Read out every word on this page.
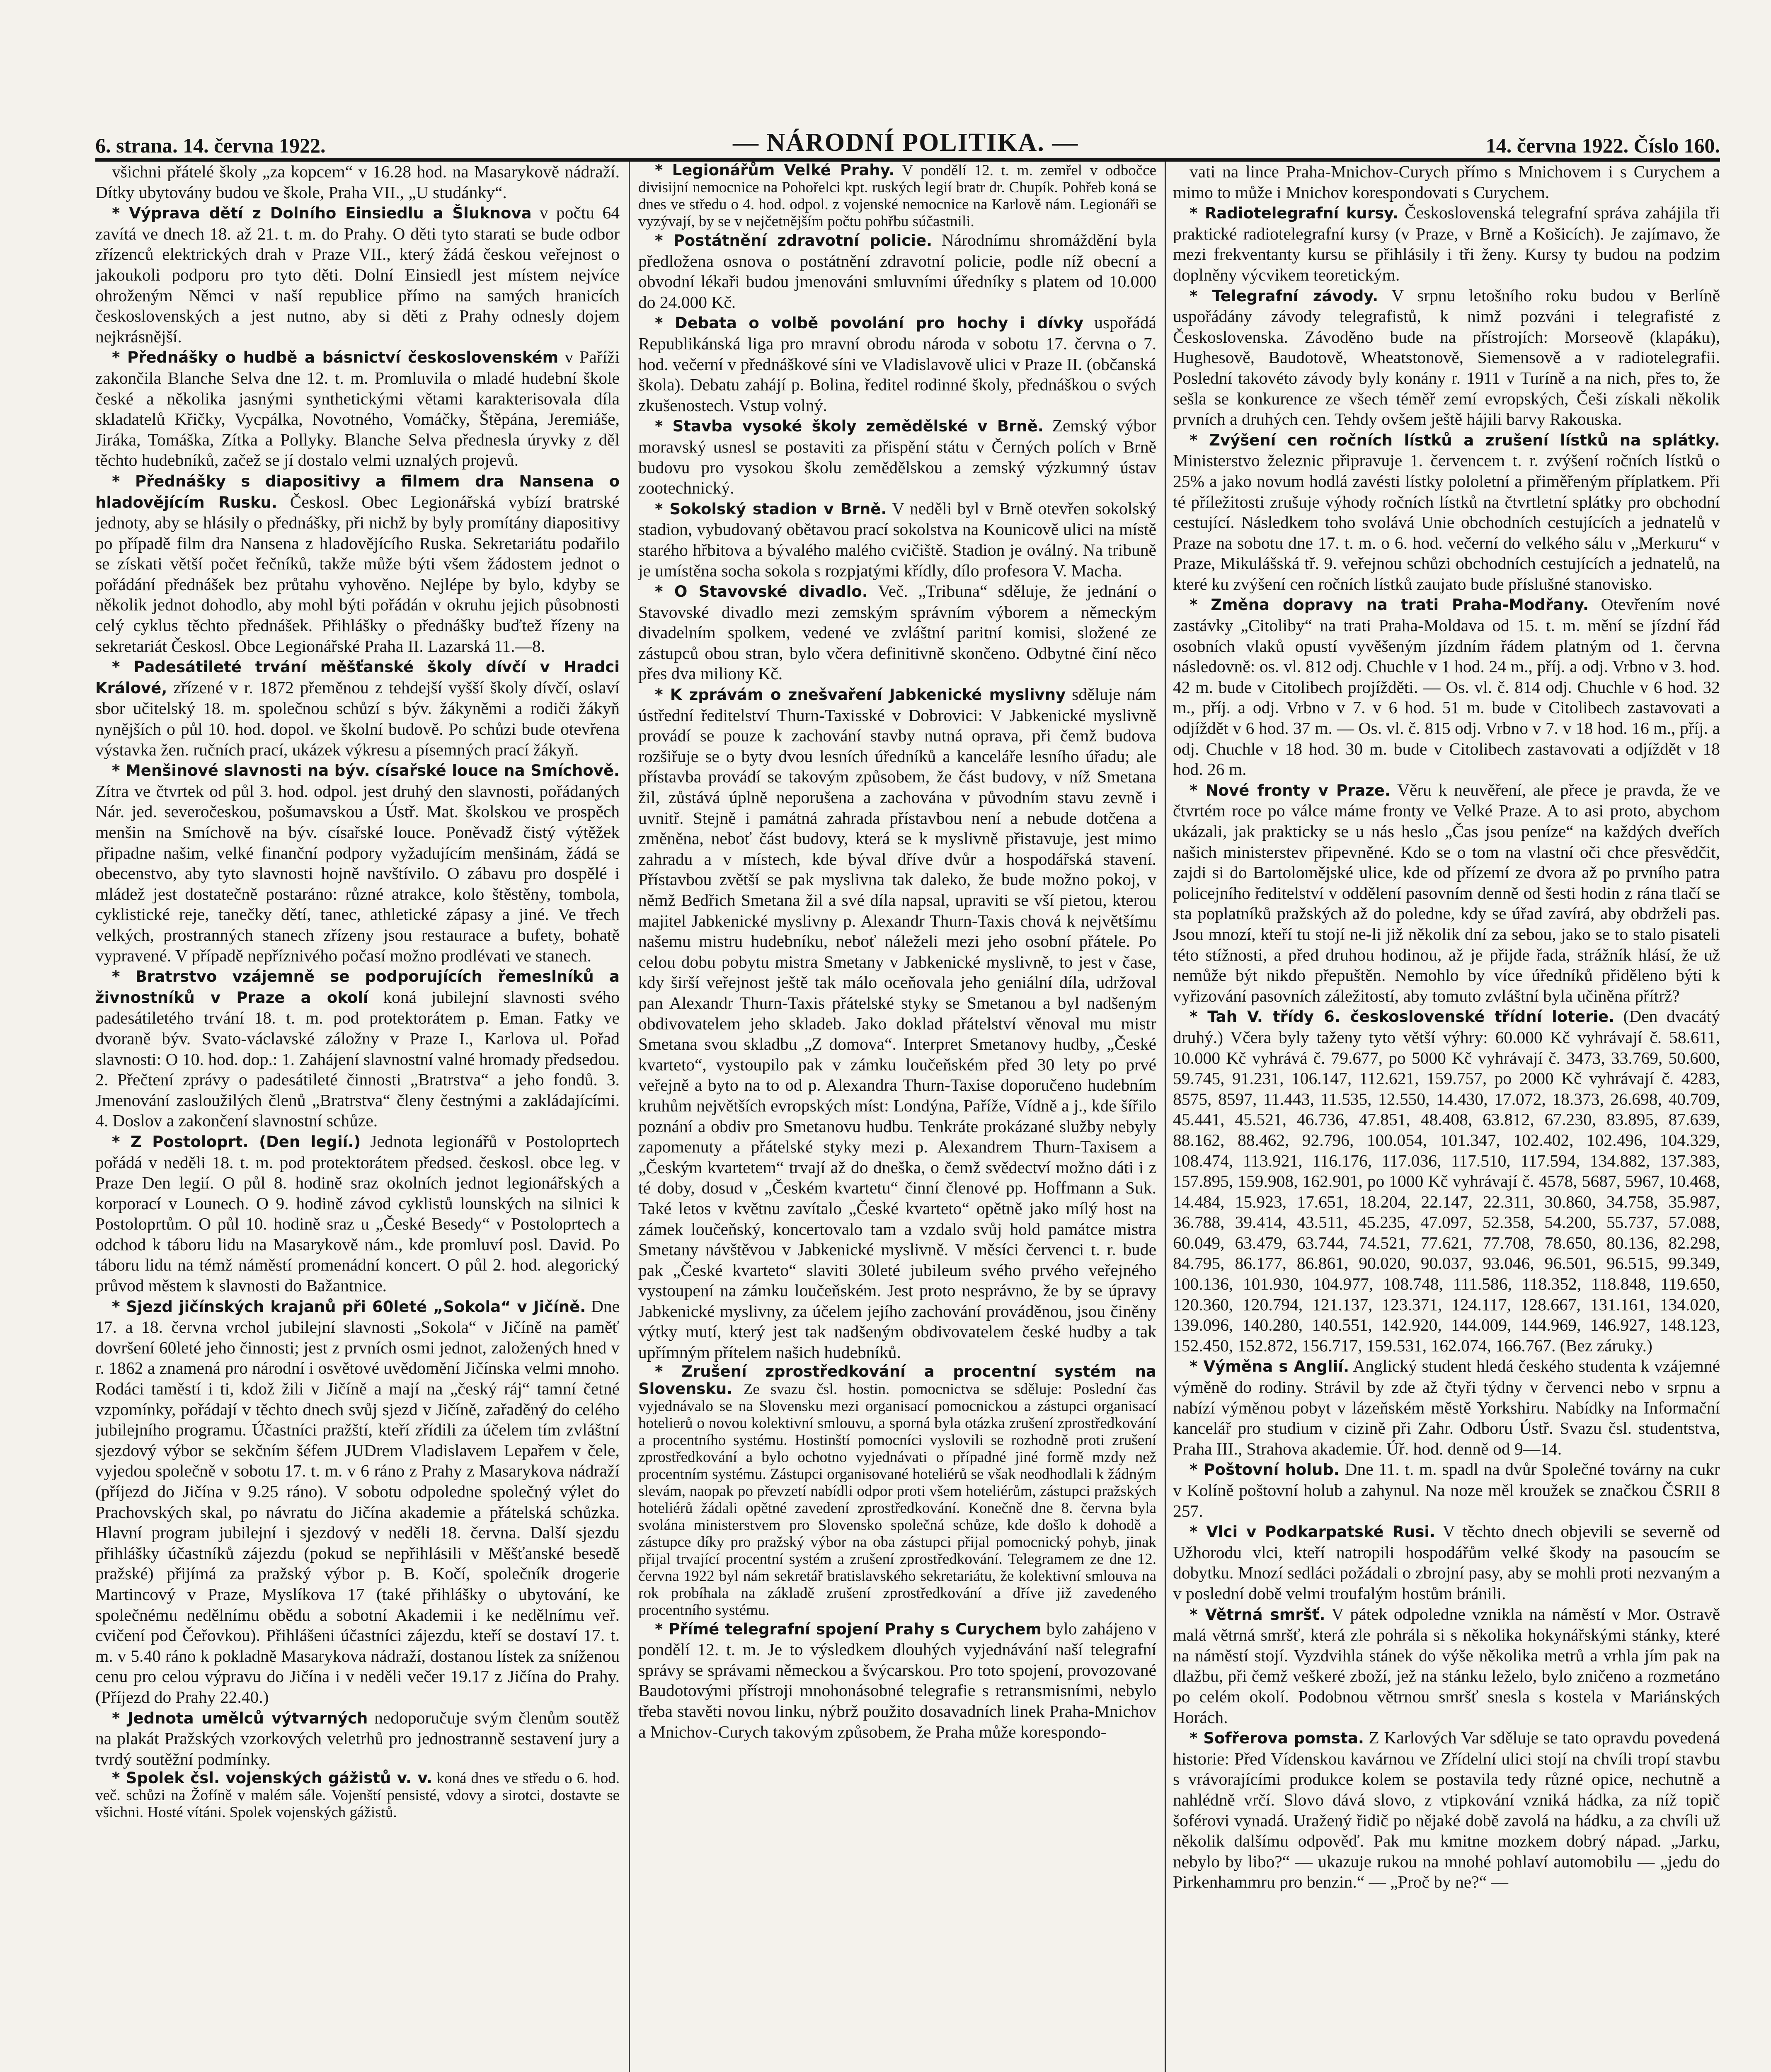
6. strana. 14. června 1922.	— NÁRODNÍ POLITIKA. —	14. června 1922. Číslo 160.

všichni přátelé školy „za kopcem“ v 16.28 hod. na Masarykově nádraží. Dítky ubytovány budou ve škole, Praha VII., „U studánky“.

* Výprava dětí z Dolního Einsiedlu a Šluknova v počtu 64 zavítá ve dnech 18. až 21. t. m. do Prahy. O děti tyto starati se bude odbor zřízenců elektrických drah v Praze VII., který žádá českou veřejnost o jakoukoli podporu pro tyto děti. Dolní Einsiedl jest místem nejvíce ohroženým Němci v naší republice přímo na samých hranicích československých a jest nutno, aby si děti z Prahy odnesly dojem nejkrásnější.

* Přednášky o hudbě a básnictví československém v Paříži zakončila Blanche Selva dne 12. t. m. Promluvila o mladé hudební škole české a několika jasnými synthetickými větami karakterisovala díla skladatelů Křičky, Vycpálka, Novotného, Vomáčky, Štěpána, Jeremiáše, Jiráka, Tomáška, Zítka a Pollyky. Blanche Selva přednesla úryvky z děl těchto hudebníků, začež se jí dostalo velmi uznalých projevů.

* Přednášky s diapositivy a filmem dra Nansena o hladovějícím Rusku. Českosl. Obec Legionářská vybízí bratrské jednoty, aby se hlásily o přednášky, při nichž by byly promítány diapositivy po případě film dra Nansena z hladovějícího Ruska. Sekretariátu podařilo se získati větší počet řečníků, takže může býti všem žádostem jednot o pořádání přednášek bez průtahu vyhověno. Nejlépe by bylo, kdyby se několik jednot dohodlo, aby mohl býti pořádán v okruhu jejich působnosti celý cyklus těchto přednášek. Přihlášky o přednášky buďtež řízeny na sekretariát Českosl. Obce Legionářské Praha II. Lazarská 11.—8.

* Padesátileté trvání měšťanské školy dívčí v Hradci Králové, zřízené v r. 1872 přeměnou z tehdejší vyšší školy dívčí, oslaví sbor učitelský 18. m. společnou schůzí s býv. žákyněmi a rodiči žákyň nynějších o půl 10. hod. dopol. ve školní budově. Po schůzi bude otevřena výstavka žen. ručních prací, ukázek výkresu a písemných prací žákyň.

* Menšinové slavnosti na býv. císařské louce na Smíchově. Zítra ve čtvrtek od půl 3. hod. odpol. jest druhý den slavnosti, pořádaných Nár. jed. severočeskou, pošumavskou a Ústř. Mat. školskou ve prospěch menšin na Smíchově na býv. císařské louce. Poněvadž čistý výtěžek připadne našim, velké finanční podpory vyžadujícím menšinám, žádá se obecenstvo, aby tyto slavnosti hojně navštívilo. O zábavu pro dospělé i mládež jest dostatečně postaráno: různé atrakce, kolo štěstěny, tombola, cyklistické reje, tanečky dětí, tanec, athletické zápasy a jiné. Ve třech velkých, prostranných stanech zřízeny jsou restaurace a bufety, bohatě vypravené. V případě nepříznivého počasí možno prodlévati ve stanech.

* Bratrstvo vzájemně se podporujících řemeslníků a živnostníků v Praze a okolí koná jubilejní slavnosti svého padesátiletého trvání 18. t. m. pod protektorátem p. Eman. Fatky ve dvoraně býv. Svato-václavské záložny v Praze I., Karlova ul. Pořad slavnosti: O 10. hod. dop.: 1. Zahájení slavnostní valné hromady předsedou. 2. Přečtení zprávy o padesátileté činnosti „Bratrstva“ a jeho fondů. 3. Jmenování zasloužilých členů „Bratrstva“ členy čestnými a zakládajícími. 4. Doslov a zakončení slavnostní schůze.

* Z Postoloprt. (Den legií.) Jednota legionářů v Postoloprtech pořádá v neděli 18. t. m. pod protektorátem předsed. českosl. obce leg. v Praze Den legií. O půl 8. hodině sraz okolních jednot legionářských a korporací v Lounech. O 9. hodině závod cyklistů lounských na silnici k Postoloprtům. O půl 10. hodině sraz u „České Besedy“ v Postoloprtech a odchod k táboru lidu na Masarykově nám., kde promluví posl. David. Po táboru lidu na témž náměstí promenádní koncert. O půl 2. hod. alegorický průvod městem k slavnosti do Bažantnice.

* Sjezd jičínských krajanů při 60leté „Sokola“ v Jičíně. Dne 17. a 18. června vrchol jubilejní slavnosti „Sokola“ v Jičíně na paměť dovršení 60leté jeho činnosti; jest z prvních osmi jednot, založených hned v r. 1862 a znamená pro národní i osvětové uvědomění Jičínska velmi mnoho. Rodáci taměstí i ti, kdož žili v Jičíně a mají na „český ráj“ tamní četné vzpomínky, pořádají v těchto dnech svůj sjezd v Jičíně, zařaděný do celého jubilejního programu. Účastníci pražští, kteří zřídili za účelem tím zvláštní sjezdový výbor se sekčním šéfem JUDrem Vladislavem Lepařem v čele, vyjedou společně v sobotu 17. t. m. v 6 ráno z Prahy z Masarykova nádraží (příjezd do Jičína v 9.25 ráno). V sobotu odpoledne společný výlet do Prachovských skal, po návratu do Jičína akademie a přátelská schůzka. Hlavní program jubilejní i sjezdový v neděli 18. června. Další sjezdu přihlášky účastníků zájezdu (pokud se nepřihlásili v Měšťanské besedě pražské) přijímá za pražský výbor p. B. Kočí, společník drogerie Martincový v Praze, Myslíkova 17 (také přihlášky o ubytování, ke společnému nedělnímu obědu a sobotní Akademii i ke nedělnímu veř. cvičení pod Čeřovkou). Přihlášeni účastníci zájezdu, kteří se dostaví 17. t. m. v 5.40 ráno k pokladně Masarykova nádraží, dostanou lístek za sníženou cenu pro celou výpravu do Jičína i v neděli večer 19.17 z Jičína do Prahy. (Příjezd do Prahy 22.40.)

* Jednota umělců výtvarných nedoporučuje svým členům soutěž na plakát Pražských vzorkových veletrhů pro jednostranně sestavení jury a tvrdý soutěžní podmínky.

* Spolek čsl. vojenských gážistů v. v. koná dnes ve středu o 6. hod. več. schůzi na Žofíně v malém sále. Vojenští pensisté, vdovy a sirotci, dostavte se všichni. Hosté vítáni. Spolek vojenských gážistů.

* Legionářům Velké Prahy. V pondělí 12. t. m. zemřel v odbočce divisijní nemocnice na Pohořelci kpt. ruských legií bratr dr. Chupík. Pohřeb koná se dnes ve středu o 4. hod. odpol. z vojenské nemocnice na Karlově nám. Legionáři se vyzývají, by se v nejčetnějším počtu pohřbu súčastnili.

* Postátnění zdravotní policie. Národnímu shromáždění byla předložena osnova o postátnění zdravotní policie, podle níž obecní a obvodní lékaři budou jmenováni smluvními úředníky s platem od 10.000 do 24.000 Kč.

* Debata o volbě povolání pro hochy i dívky uspořádá Republikánská liga pro mravní obrodu národa v sobotu 17. června o 7. hod. večerní v přednáškové síni ve Vladislavově ulici v Praze II. (občanská škola). Debatu zahájí p. Bolina, ředitel rodinné školy, přednáškou o svých zkušenostech. Vstup volný.

* Stavba vysoké školy zemědělské v Brně. Zemský výbor moravský usnesl se postaviti za přispění státu v Černých polích v Brně budovu pro vysokou školu zemědělskou a zemský výzkumný ústav zootechnický.

* Sokolský stadion v Brně. V neděli byl v Brně otevřen sokolský stadion, vybudovaný obětavou prací sokolstva na Kounicově ulici na místě starého hřbitova a bývalého malého cvičiště. Stadion je oválný. Na tribuně je umístěna socha sokola s rozpjatými křídly, dílo profesora V. Macha.

* O Stavovské divadlo. Več. „Tribuna“ sděluje, že jednání o Stavovské divadlo mezi zemským správním výborem a německým divadelním spolkem, vedené ve zvláštní paritní komisi, složené ze zástupců obou stran, bylo včera definitivně skončeno. Odbytné činí něco přes dva miliony Kč.

* K zprávám o znešvaření Jabkenické myslivny sděluje nám ústřední ředitelství Thurn-Taxisské v Dobrovici: V Jabkenické myslivně provádí se pouze k zachování stavby nutná oprava, při čemž budova rozšiřuje se o byty dvou lesních úředníků a kanceláře lesního úřadu; ale přístavba provádí se takovým způsobem, že část budovy, v níž Smetana žil, zůstává úplně neporušena a zachována v původním stavu zevně i uvnitř. Stejně i památná zahrada přístavbou není a nebude dotčena a změněna, neboť část budovy, která se k myslivně přistavuje, jest mimo zahradu a v místech, kde býval dříve dvůr a hospodářská stavení. Přístavbou zvětší se pak myslivna tak daleko, že bude možno pokoj, v němž Bedřich Smetana žil a své díla napsal, upraviti se vší pietou, kterou majitel Jabkenické myslivny p. Alexandr Thurn-Taxis chová k největšímu našemu mistru hudebníku, neboť náleželi mezi jeho osobní přátele. Po celou dobu pobytu mistra Smetany v Jabkenické myslivně, to jest v čase, kdy širší veřejnost ještě tak málo oceňovala jeho geniální díla, udržoval pan Alexandr Thurn-Taxis přátelské styky se Smetanou a byl nadšeným obdivovatelem jeho skladeb. Jako doklad přátelství věnoval mu mistr Smetana svou skladbu „Z domova“. Interpret Smetanovy hudby, „České kvarteto“, vystoupilo pak v zámku loučeňském před 30 lety po prvé veřejně a byto na to od p. Alexandra Thurn-Taxise doporučeno hudebním kruhům největších evropských míst: Londýna, Paříže, Vídně a j., kde šířilo poznání a obdiv pro Smetanovu hudbu. Tenkráte prokázané služby nebyly zapomenuty a přátelské styky mezi p. Alexandrem Thurn-Taxisem a „Českým kvartetem“ trvají až do dneška, o čemž svědectví možno dáti i z té doby, dosud v „Českém kvartetu“ činní členové pp. Hoffmann a Suk. Také letos v květnu zavítalo „České kvarteto“ opětně jako mílý host na zámek loučeňský, koncertovalo tam a vzdalo svůj hold památce mistra Smetany návštěvou v Jabkenické myslivně. V měsíci červenci t. r. bude pak „České kvarteto“ slaviti 30leté jubileum svého prvého veřejného vystoupení na zámku loučeňském. Jest proto nesprávno, že by se úpravy Jabkenické myslivny, za účelem jejího zachování prováděnou, jsou činěny výtky mutí, který jest tak nadšeným obdivovatelem české hudby a tak upřímným přítelem našich hudebníků.

* Zrušení zprostředkování a procentní systém na Slovensku. Ze svazu čsl. hostin. pomocnictva se sděluje: Poslední čas vyjednávalo se na Slovensku mezi organisací pomocnickou a zástupci organisací hotelierů o novou kolektivní smlouvu, a sporná byla otázka zrušení zprostředkování a procentního systému. Hostinští pomocníci vyslovili se rozhodně proti zrušení zprostředkování a bylo ochotno vyjednávati o případné jiné formě mzdy než procentním systému. Zástupci organisované hoteliérů se však neodhodlali k žádným slevám, naopak po převzetí nabídli odpor proti všem hoteliérům, zástupci pražských hoteliérů žádali opětné zavedení zprostředkování. Konečně dne 8. června byla svolána ministerstvem pro Slovensko společná schůze, kde došlo k dohodě a zástupce díky pro pražský výbor na oba zástupci přijal pomocnický pohyb, jinak přijal trvající procentní systém a zrušení zprostředkování. Telegramem ze dne 12. června 1922 byl nám sekretář bratislavského sekretariátu, že kolektivní smlouva na rok probíhala na základě zrušení zprostředkování a dříve již zavedeného procentního systému.

* Přímé telegrafní spojení Prahy s Curychem bylo zahájeno v pondělí 12. t. m. Je to výsledkem dlouhých vyjednávání naší telegrafní správy se správami německou a švýcarskou. Pro toto spojení, provozované Baudotovými přístroji mnohonásobné telegrafie s retransmisními, nebylo třeba stavěti novou linku, nýbrž použito dosavadních linek Praha-Mnichov a Mnichov-Curych takovým způsobem, že Praha může korespondo-

vati na lince Praha-Mnichov-Curych přímo s Mnichovem i s Curychem a mimo to může i Mnichov korespondovati s Curychem.

* Radiotelegrafní kursy. Československá telegrafní správa zahájila tři praktické radiotelegrafní kursy (v Praze, v Brně a Košicích). Je zajímavo, že mezi frekventanty kursu se přihlásily i tři ženy. Kursy ty budou na podzim doplněny výcvikem teoretickým.

* Telegrafní závody. V srpnu letošního roku budou v Berlíně uspořádány závody telegrafistů, k nimž pozváni i telegrafisté z Československa. Závoděno bude na přístrojích: Morseově (klapáku), Hughesově, Baudotově, Wheatstonově, Siemensově a v radiotelegrafii. Poslední takovéto závody byly konány r. 1911 v Turíně a na nich, přes to, že sešla se konkurence ze všech téměř zemí evropských, Češi získali několik prvních a druhých cen. Tehdy ovšem ještě hájili barvy Rakouska.

* Zvýšení cen ročních lístků a zrušení lístků na splátky. Ministerstvo železnic připravuje 1. červencem t. r. zvýšení ročních lístků o 25% a jako novum hodlá zavésti lístky pololetní a přiměřeným příplatkem. Při té příležitosti zrušuje výhody ročních lístků na čtvrtletní splátky pro obchodní cestující. Následkem toho svolává Unie obchodních cestujících a jednatelů v Praze na sobotu dne 17. t. m. o 6. hod. večerní do velkého sálu v „Merkuru“ v Praze, Mikulášská tř. 9. veřejnou schůzi obchodních cestujících a jednatelů, na které ku zvýšení cen ročních lístků zaujato bude příslušné stanovisko.

* Změna dopravy na trati Praha-Modřany. Otevřením nové zastávky „Citoliby“ na trati Praha-Moldava od 15. t. m. mění se jízdní řád osobních vlaků opustí vyvěšeným jízdním řádem platným od 1. června následovně: os. vl. 812 odj. Chuchle v 1 hod. 24 m., příj. a odj. Vrbno v 3. hod. 42 m. bude v Citolibech projížděti. — Os. vl. č. 814 odj. Chuchle v 6 hod. 32 m., příj. a odj. Vrbno v 7. v 6 hod. 51 m. bude v Citolibech zastavovati a odjíždět v 6 hod. 37 m. — Os. vl. č. 815 odj. Vrbno v 7. v 18 hod. 16 m., příj. a odj. Chuchle v 18 hod. 30 m. bude v Citolibech zastavovati a odjíždět v 18 hod. 26 m.

* Nové fronty v Praze. Věru k neuvěření, ale přece je pravda, že ve čtvrtém roce po válce máme fronty ve Velké Praze. A to asi proto, abychom ukázali, jak prakticky se u nás heslo „Čas jsou peníze“ na každých dveřích našich ministerstev připevněné. Kdo se o tom na vlastní oči chce přesvědčit, zajdi si do Bartolomějské ulice, kde od přízemí ze dvora až po prvního patra policejního ředitelství v oddělení pasovním denně od šesti hodin z rána tlačí se sta poplatníků pražských až do poledne, kdy se úřad zavírá, aby obdrželi pas. Jsou mnozí, kteří tu stojí ne-li již několik dní za sebou, jako se to stalo pisateli této stížnosti, a před druhou hodinou, až je přijde řada, strážník hlásí, že už nemůže být nikdo přepuštěn. Nemohlo by více úředníků přiděleno býti k vyřizování pasovních záležitostí, aby tomuto zvláštní byla učiněna přítrž?

* Tah V. třídy 6. československé třídní loterie. (Den dvacátý druhý.) Včera byly taženy tyto větší výhry: 60.000 Kč vyhrávají č. 58.611, 10.000 Kč vyhrává č. 79.677, po 5000 Kč vyhrávají č. 3473, 33.769, 50.600, 59.745, 91.231, 106.147, 112.621, 159.757, po 2000 Kč vyhrávají č. 4283, 8575, 8597, 11.443, 11.535, 12.550, 14.430, 17.072, 18.373, 26.698, 40.709, 45.441, 45.521, 46.736, 47.851, 48.408, 63.812, 67.230, 83.895, 87.639, 88.162, 88.462, 92.796, 100.054, 101.347, 102.402, 102.496, 104.329, 108.474, 113.921, 116.176, 117.036, 117.510, 117.594, 134.882, 137.383, 157.895, 159.908, 162.901, po 1000 Kč vyhrávají č. 4578, 5687, 5967, 10.468, 14.484, 15.923, 17.651, 18.204, 22.147, 22.311, 30.860, 34.758, 35.987, 36.788, 39.414, 43.511, 45.235, 47.097, 52.358, 54.200, 55.737, 57.088, 60.049, 63.479, 63.744, 74.521, 77.621, 77.708, 78.650, 80.136, 82.298, 84.795, 86.177, 86.861, 90.020, 90.037, 93.046, 96.501, 96.515, 99.349, 100.136, 101.930, 104.977, 108.748, 111.586, 118.352, 118.848, 119.650, 120.360, 120.794, 121.137, 123.371, 124.117, 128.667, 131.161, 134.020, 139.096, 140.280, 140.551, 142.920, 144.009, 144.969, 146.927, 148.123, 152.450, 152.872, 156.717, 159.531, 162.074, 166.767. (Bez záruky.)

* Výměna s Anglií. Anglický student hledá českého studenta k vzájemné výměně do rodiny. Strávil by zde až čtyři týdny v červenci nebo v srpnu a nabízí výměnou pobyt v lázeňském městě Yorkshiru. Nabídky na Informační kancelář pro studium v cizině při Zahr. Odboru Ústř. Svazu čsl. studentstva, Praha III., Strahova akademie. Úř. hod. denně od 9—14.

* Poštovní holub. Dne 11. t. m. spadl na dvůr Společné továrny na cukr v Kolíně poštovní holub a zahynul. Na noze měl kroužek se značkou ČSRII 8 257.

* Vlci v Podkarpatské Rusi. V těchto dnech objevili se severně od Užhorodu vlci, kteří natropili hospodářům velké škody na pasoucím se dobytku. Mnozí sedláci požádali o zbrojní pasy, aby se mohli proti nezvaným a v poslední době velmi troufalým hostům bránili.

* Větrná smršť. V pátek odpoledne vznikla na náměstí v Mor. Ostravě malá větrná smršť, která zle pohrála si s několika hokynářskými stánky, které na náměstí stojí. Vyzdvihla stánek do výše několika metrů a vrhla jím pak na dlažbu, při čemž veškeré zboží, jež na stánku leželo, bylo zničeno a rozmetáno po celém okolí. Podobnou větrnou smršť snesla s kostela v Mariánských Horách.

* Sofřerova pomsta. Z Karlových Var sděluje se tato opravdu povedená historie: Před Vídenskou kavárnou ve Zřídelní ulici stojí na chvíli tropí stavbu s vrávorajícími produkce kolem se postavila tedy různé opice, nechutně a nahlédně vrčí. Slovo dává slovo, z vtipkování vzniká hádka, za níž topič šoférovi vynadá. Uražený řidič po nějaké době zavolá na hádku, a za chvíli už několik dalšímu odpověď. Pak mu kmitne mozkem dobrý nápad. „Jarku, nebylo by libo?“ — ukazuje rukou na mnohé pohlaví automobilu — „jedu do Pirkenhammru pro benzin.“ — „Proč by ne?“ —
